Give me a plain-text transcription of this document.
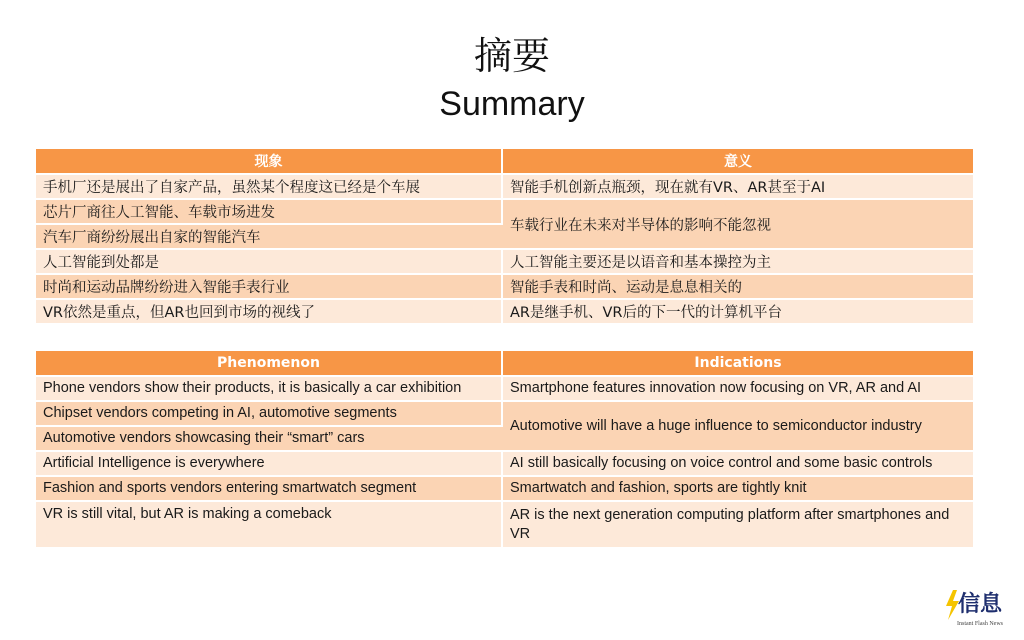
摘要
Summary
现象	意义
手机厂还是展出了自家产品，虽然某个程度这已经是个车展	智能手机创新点瓶颈，现在就有VR、AR甚至于AI
芯片厂商往人工智能、车载市场进发	车载行业在未来对半导体的影响不能忽视
汽车厂商纷纷展出自家的智能汽车	
人工智能到处都是	人工智能主要还是以语音和基本操控为主
时尚和运动品牌纷纷进入智能手表行业	智能手表和时尚、运动是息息相关的
VR依然是重点，但AR也回到市场的视线了	AR是继手机、VR后的下一代的计算机平台
Phenomenon	Indications
Phone vendors show their products, it is basically a car exhibition	Smartphone features innovation now focusing on VR, AR and AI
Chipset vendors competing in AI, automotive segments	Automotive will have a huge influence to semiconductor industry
Automotive vendors showcasing their “smart” cars	
Artificial Intelligence is everywhere	AI still basically focusing on voice control and some basic controls
Fashion and sports vendors entering smartwatch segment	Smartwatch and fashion, sports are tightly knit
VR is still vital, but AR is making a comeback	AR is the next generation computing platform after smartphones and VR
信息
Instant Flash News
